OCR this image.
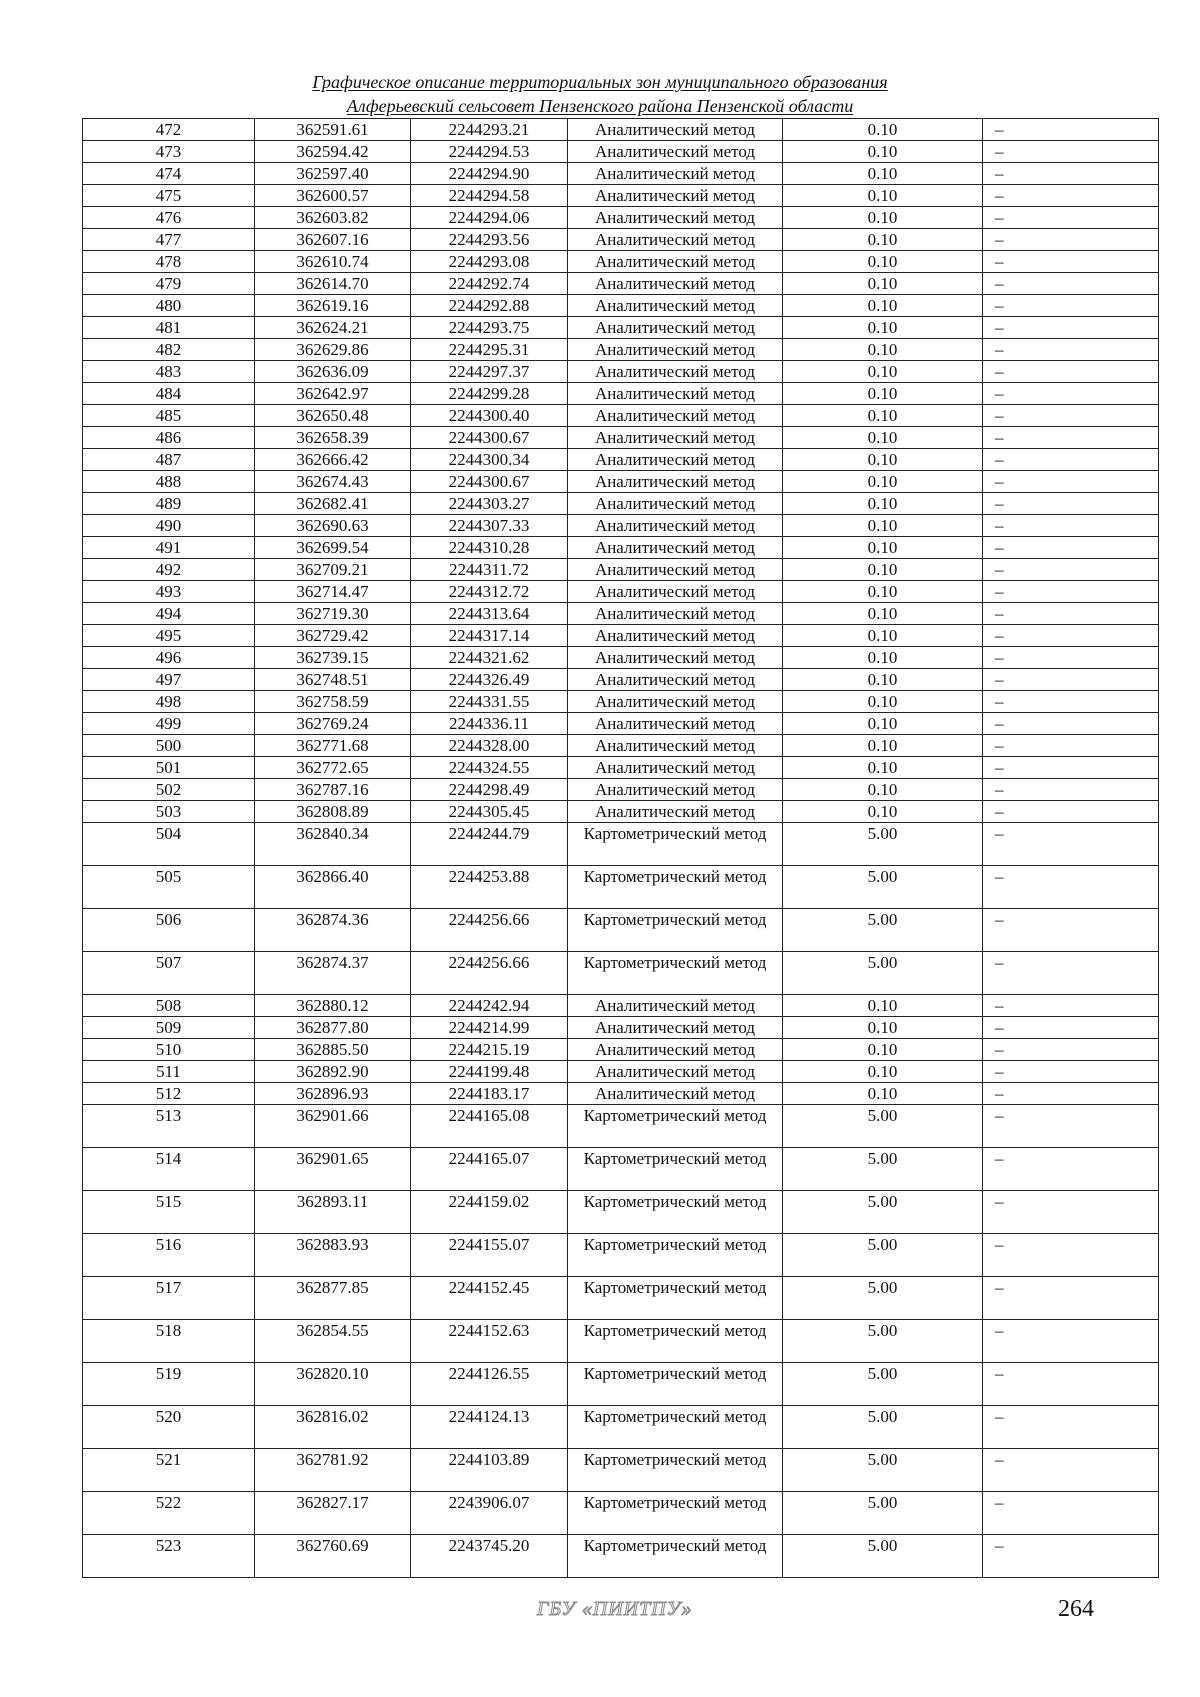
Графическое описание территориальных зон муниципального образования
Алферьевский сельсовет Пензенского района Пензенской области
472	362591.61	2244293.21	Аналитический метод	0.10	–
473	362594.42	2244294.53	Аналитический метод	0.10	–
474	362597.40	2244294.90	Аналитический метод	0.10	–
475	362600.57	2244294.58	Аналитический метод	0.10	–
476	362603.82	2244294.06	Аналитический метод	0.10	–
477	362607.16	2244293.56	Аналитический метод	0.10	–
478	362610.74	2244293.08	Аналитический метод	0.10	–
479	362614.70	2244292.74	Аналитический метод	0.10	–
480	362619.16	2244292.88	Аналитический метод	0.10	–
481	362624.21	2244293.75	Аналитический метод	0.10	–
482	362629.86	2244295.31	Аналитический метод	0.10	–
483	362636.09	2244297.37	Аналитический метод	0.10	–
484	362642.97	2244299.28	Аналитический метод	0.10	–
485	362650.48	2244300.40	Аналитический метод	0.10	–
486	362658.39	2244300.67	Аналитический метод	0.10	–
487	362666.42	2244300.34	Аналитический метод	0.10	–
488	362674.43	2244300.67	Аналитический метод	0.10	–
489	362682.41	2244303.27	Аналитический метод	0.10	–
490	362690.63	2244307.33	Аналитический метод	0.10	–
491	362699.54	2244310.28	Аналитический метод	0.10	–
492	362709.21	2244311.72	Аналитический метод	0.10	–
493	362714.47	2244312.72	Аналитический метод	0.10	–
494	362719.30	2244313.64	Аналитический метод	0.10	–
495	362729.42	2244317.14	Аналитический метод	0.10	–
496	362739.15	2244321.62	Аналитический метод	0.10	–
497	362748.51	2244326.49	Аналитический метод	0.10	–
498	362758.59	2244331.55	Аналитический метод	0.10	–
499	362769.24	2244336.11	Аналитический метод	0.10	–
500	362771.68	2244328.00	Аналитический метод	0.10	–
501	362772.65	2244324.55	Аналитический метод	0.10	–
502	362787.16	2244298.49	Аналитический метод	0.10	–
503	362808.89	2244305.45	Аналитический метод	0.10	–
504	362840.34	2244244.79	Картометрический метод	5.00	–
505	362866.40	2244253.88	Картометрический метод	5.00	–
506	362874.36	2244256.66	Картометрический метод	5.00	–
507	362874.37	2244256.66	Картометрический метод	5.00	–
508	362880.12	2244242.94	Аналитический метод	0.10	–
509	362877.80	2244214.99	Аналитический метод	0.10	–
510	362885.50	2244215.19	Аналитический метод	0.10	–
511	362892.90	2244199.48	Аналитический метод	0.10	–
512	362896.93	2244183.17	Аналитический метод	0.10	–
513	362901.66	2244165.08	Картометрический метод	5.00	–
514	362901.65	2244165.07	Картометрический метод	5.00	–
515	362893.11	2244159.02	Картометрический метод	5.00	–
516	362883.93	2244155.07	Картометрический метод	5.00	–
517	362877.85	2244152.45	Картометрический метод	5.00	–
518	362854.55	2244152.63	Картометрический метод	5.00	–
519	362820.10	2244126.55	Картометрический метод	5.00	–
520	362816.02	2244124.13	Картометрический метод	5.00	–
521	362781.92	2244103.89	Картометрический метод	5.00	–
522	362827.17	2243906.07	Картометрический метод	5.00	–
523	362760.69	2243745.20	Картометрический метод	5.00	–
ГБУ «ПИИТПУ»	264
